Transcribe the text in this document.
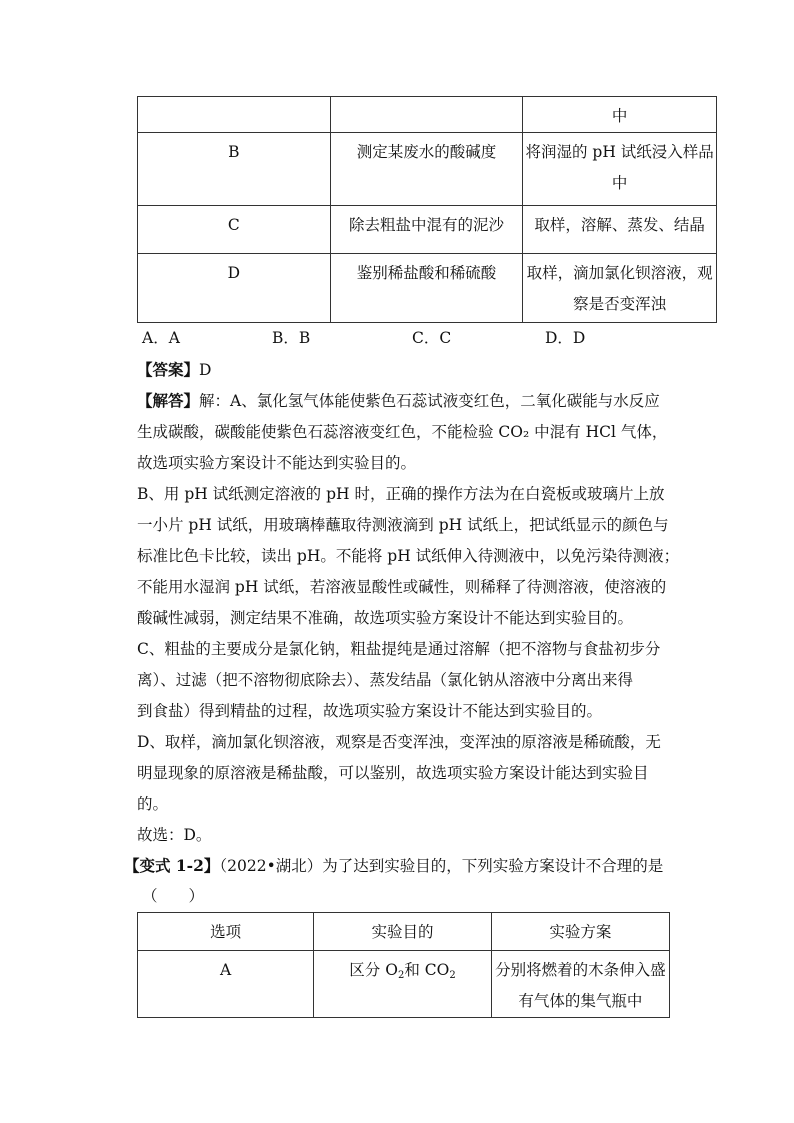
		中

B	测定某废水的酸碱度	将润湿的 pH 试纸浸入样品中

C	除去粗盐中混有的泥沙	取样，溶解、蒸发、结晶

D	鉴别稀盐酸和稀硫酸	取样，滴加氯化钡溶液，观察是否变浑浊
A．A	B．B	C．C	D．D
【答案】D
【解答】解：A、氯化氢气体能使紫色石蕊试液变红色，二氧化碳能与水反应
生成碳酸，碳酸能使紫色石蕊溶液变红色，不能检验 CO₂ 中混有 HCl 气体，
故选项实验方案设计不能达到实验目的。
B、用 pH 试纸测定溶液的 pH 时，正确的操作方法为在白瓷板或玻璃片上放
一小片 pH 试纸，用玻璃棒蘸取待测液滴到 pH 试纸上，把试纸显示的颜色与
标准比色卡比较，读出 pH。不能将 pH 试纸伸入待测液中，以免污染待测液；
不能用水湿润 pH 试纸，若溶液显酸性或碱性，则稀释了待测溶液，使溶液的
酸碱性减弱，测定结果不准确，故选项实验方案设计不能达到实验目的。
C、粗盐的主要成分是氯化钠，粗盐提纯是通过溶解（把不溶物与食盐初步分
离）、过滤（把不溶物彻底除去）、蒸发结晶（氯化钠从溶液中分离出来得
到食盐）得到精盐的过程，故选项实验方案设计不能达到实验目的。
D、取样，滴加氯化钡溶液，观察是否变浑浊，变浑浊的原溶液是稀硫酸，无
明显现象的原溶液是稀盐酸，可以鉴别，故选项实验方案设计能达到实验目
的。
故选：D。
【变式 1-2】（2022•湖北）为了达到实验目的，下列实验方案设计不合理的是
（　　）
选项	实验目的	实验方案

A	区分 $O_2$和 $CO_2$	分别将燃着的木条伸入盛有气体的集气瓶中
